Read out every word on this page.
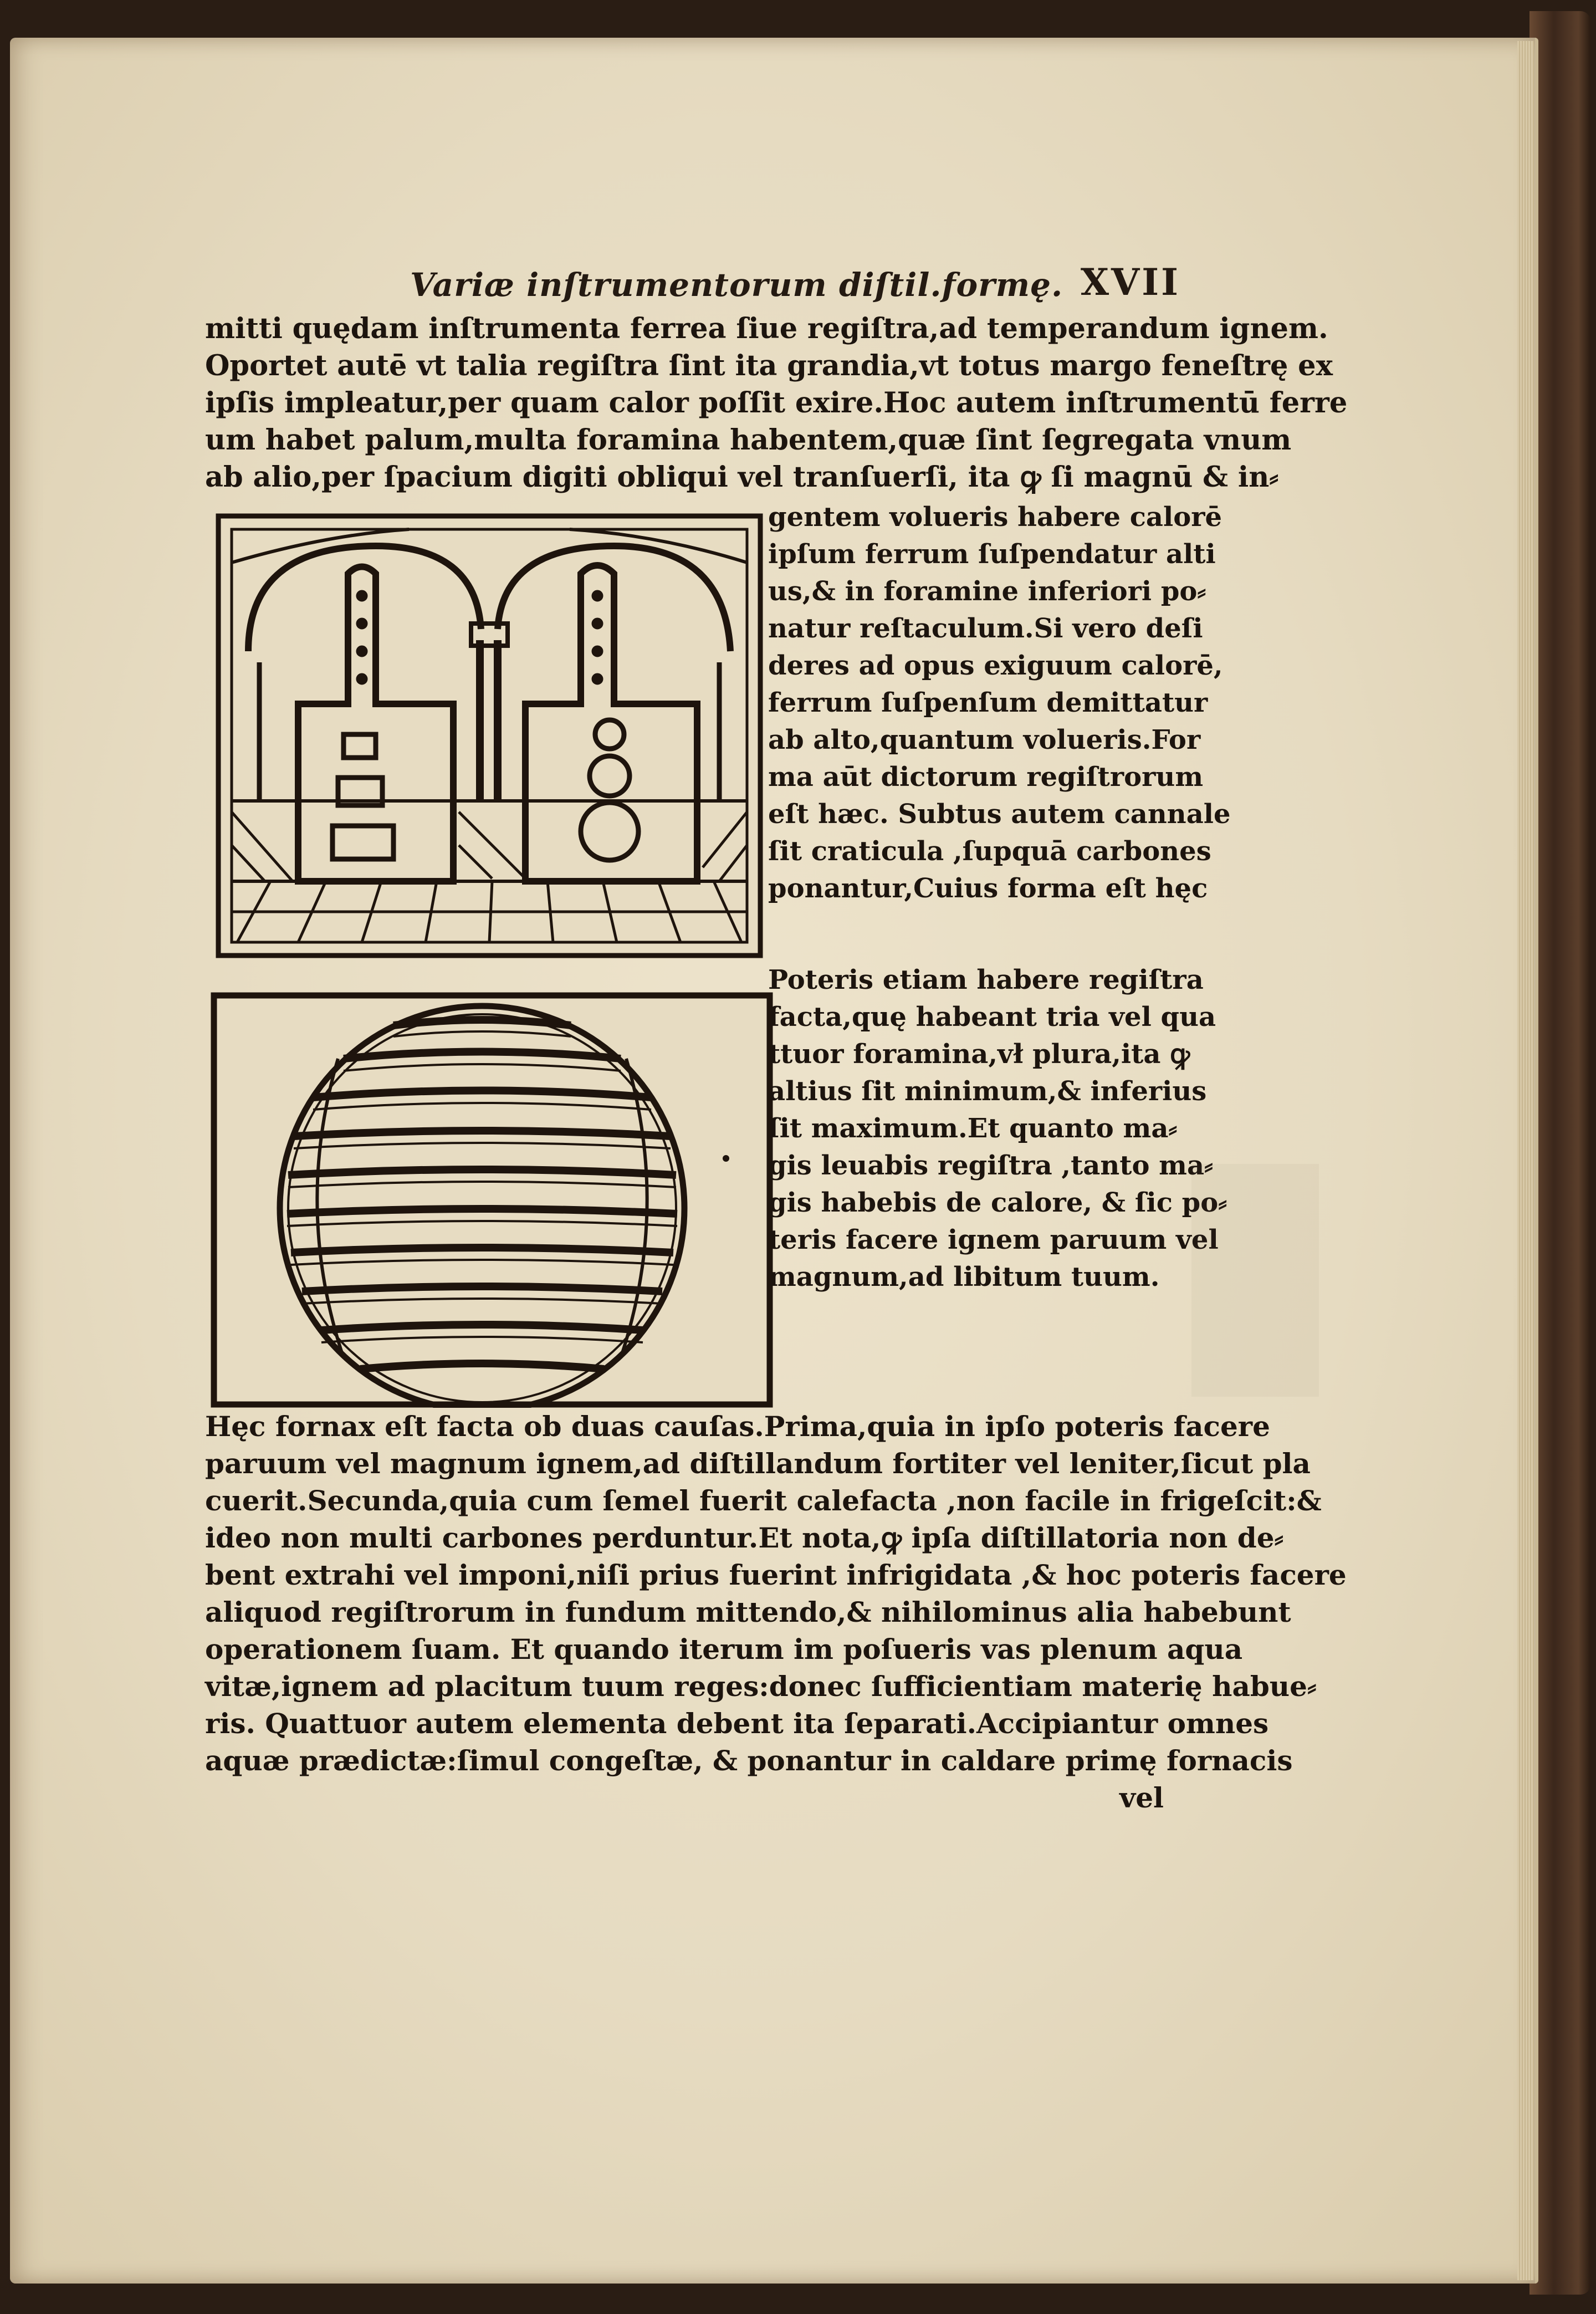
Variæ inſtrumentorum diſtil.formę. XVII
mitti quędam inſtrumenta ferrea ſiue regiſtra,ad temperandum ignem.
Oportet autē vt talia regiſtra ſint ita grandia,vt totus margo feneſtrę ex
ipſis impleatur,per quam calor poſſit exire.Hoc autem inſtrumentū ferre
um habet palum,multa foramina habentem,quæ ſint ſegregata vnum
ab alio,per ſpacium digiti obliqui vel tranſuerſi, ita ꝙ ſi magnū & in⸗
gentem volueris habere calorē
ipſum ferrum ſuſpendatur alti
us,& in foramine inferiori po⸗
natur reſtaculum.Si vero deſi
deres ad opus exiguum calorē,
ferrum ſuſpenſum demittatur
ab alto,quantum volueris.For
ma aūt dictorum regiſtrorum
eſt hæc. Subtus autem cannale
ſit craticula ,ſupquā carbones
ponantur,Cuius forma eſt hęc
Poteris etiam habere regiſtra
facta,quę habeant tria vel qua
ttuor foramina,vł plura,ita ꝙ
altius ſit minimum,& inferius
ſit maximum.Et quanto ma⸗
gis leuabis regiſtra ,tanto ma⸗
gis habebis de calore, & ſic po⸗
teris facere ignem paruum vel
magnum,ad libitum tuum.
Hęc fornax eſt facta ob duas cauſas.Prima,quia in ipſo poteris facere
paruum vel magnum ignem,ad diſtillandum fortiter vel leniter,ſicut pla
cuerit.Secunda,quia cum ſemel fuerit calefacta ,non facile in frigeſcit:&
ideo non multi carbones perduntur.Et nota,ꝙ ipſa diſtillatoria non de⸗
bent extrahi vel imponi,niſi prius fuerint infrigidata ,& hoc poteris facere
aliquod regiſtrorum in fundum mittendo,& nihilominus alia habebunt
operationem ſuam. Et quando iterum im poſueris vas plenum aqua
vitæ,ignem ad placitum tuum reges:donec ſufficientiam materię habue⸗
ris. Quattuor autem elementa debent ita ſeparati.Accipiantur omnes
aquæ prædictæ:ſimul congeſtæ, & ponantur in caldare primę fornacis
vel
